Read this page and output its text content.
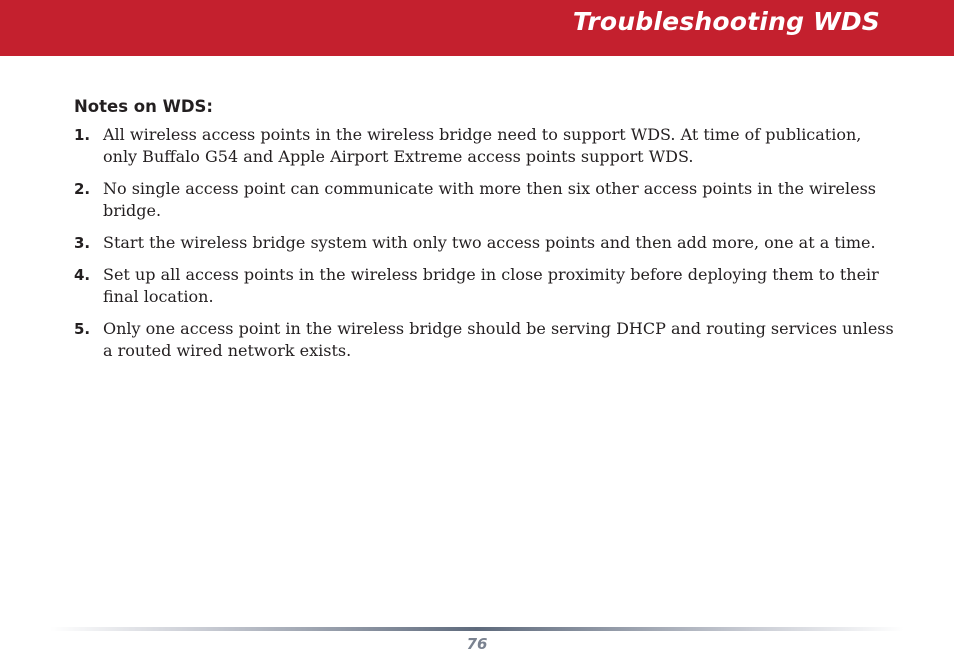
Troubleshooting WDS
Notes on WDS:
1. All wireless access points in the wireless bridge need to support WDS. At time of publication, only Buffalo G54 and Apple Airport Extreme access points support WDS.
2. No single access point can communicate with more then six other access points in the wireless bridge.
3. Start the wireless bridge system with only two access points and then add more, one at a time.
4. Set up all access points in the wireless bridge in close proximity before deploying them to their final location.
5. Only one access point in the wireless bridge should be serving DHCP and routing services unless a routed wired network exists.
76
